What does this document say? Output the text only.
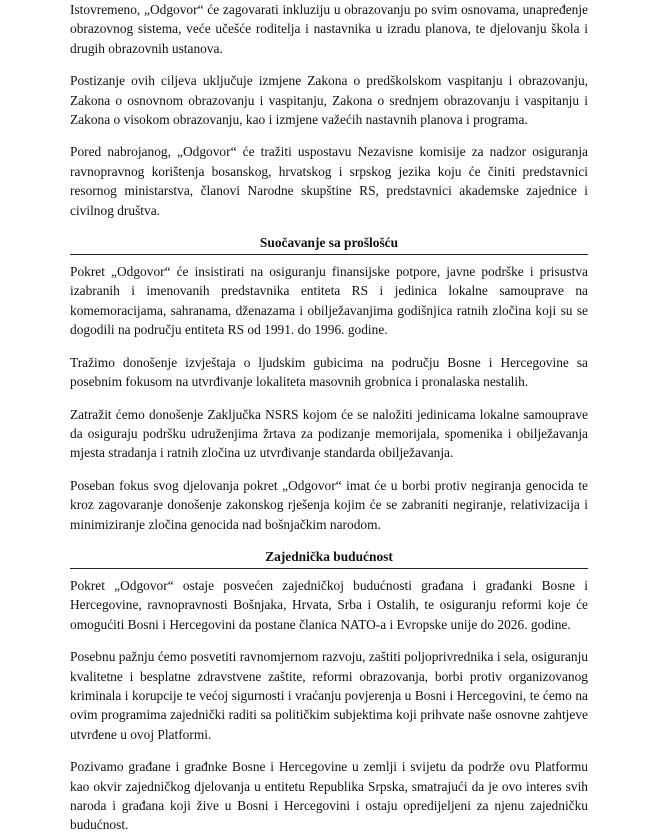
Istovremeno, „Odgovor“ će zagovarati inkluziju u obrazovanju po svim osnovama, unapređenje obrazovnog sistema, veće učešće roditelja i nastavnika u izradu planova, te djelovanju škola i drugih obrazovnih ustanova.

Postizanje ovih ciljeva uključuje izmjene Zakona o predškolskom vaspitanju i obrazovanju, Zakona o osnovnom obrazovanju i vaspitanju, Zakona o srednjem obrazovanju i vaspitanju i Zakona o visokom obrazovanju, kao i izmjene važećih nastavnih planova i programa.

Pored nabrojanog, „Odgovor“ će tražiti uspostavu Nezavisne komisije za nadzor osiguranja ravnopravnog korištenja bosanskog, hrvatskog i srpskog jezika koju će činiti predstavnici resornog ministarstva, članovi Narodne skupštine RS, predstavnici akademske zajednice i civilnog društva.

Suočavanje sa prošlošću

Pokret „Odgovor“ će insistirati na osiguranju finansijske potpore, javne podrške i prisustva izabranih i imenovanih predstavnika entiteta RS i jedinica lokalne samouprave na komemoracijama, sahranama, dženazama i obilježavanjima godišnjica ratnih zločina koji su se dogodili na području entiteta RS od 1991. do 1996. godine.

Tražimo donošenje izvještaja o ljudskim gubicima na području Bosne i Hercegovine sa posebnim fokusom na utvrđivanje lokaliteta masovnih grobnica i pronalaska nestalih.

Zatražit ćemo donošenje Zaključka NSRS kojom će se naložiti jedinicama lokalne samouprave da osiguraju podršku udruženjima žrtava za podizanje memorijala, spomenika i obilježavanja mjesta stradanja i ratnih zločina uz utvrđivanje standarda obilježavanja.

Poseban fokus svog djelovanja pokret „Odgovor“ imat će u borbi protiv negiranja genocida te kroz zagovaranje donošenje zakonskog rješenja kojim će se zabraniti negiranje, relativizacija i minimiziranje zločina genocida nad bošnjačkim narodom.

Zajednička budućnost

Pokret „Odgovor“ ostaje posvećen zajedničkoj budućnosti građana i građanki Bosne i Hercegovine, ravnopravnosti Bošnjaka, Hrvata, Srba i Ostalih, te osiguranju reformi koje će omogućiti Bosni i Hercegovini da postane članica NATO-a i Evropske unije do 2026. godine.

Posebnu pažnju ćemo posvetiti ravnomjernom razvoju, zaštiti poljoprivrednika i sela, osiguranju kvalitetne i besplatne zdravstvene zaštite, reformi obrazovanja, borbi protiv organizovanog kriminala i korupcije te većoj sigurnosti i vraćanju povjerenja u Bosni i Hercegovini, te ćemo na ovim programima zajednički raditi sa političkim subjektima koji prihvate naše osnovne zahtjeve utvrđene u ovoj Platformi.

Pozivamo građane i građnke Bosne i Hercegovine u zemlji i svijetu da podrže ovu Platformu kao okvir zajedničkog djelovanja u entitetu Republika Srpska, smatrajući da je ovo interes svih naroda i građana koji žive u Bosni i Hercegovini i ostaju opredijeljeni za njenu zajedničku budućnost.
